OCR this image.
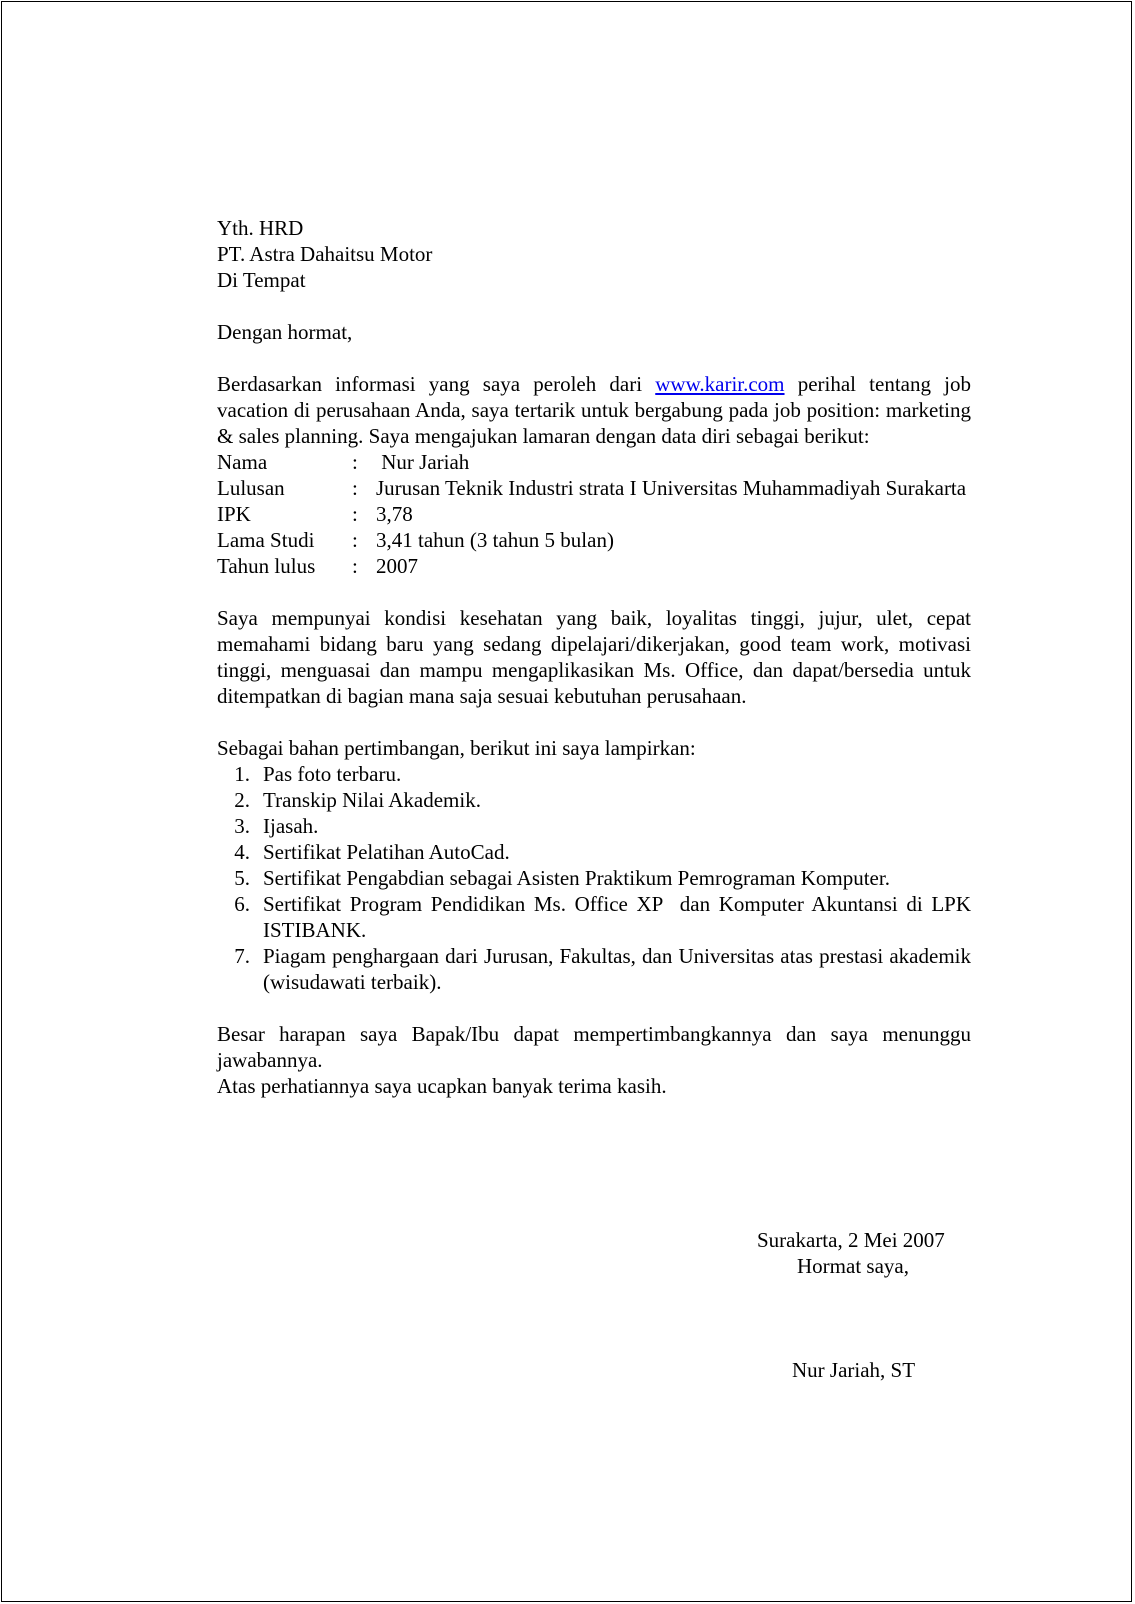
Yth. HRD

PT. Astra Dahaitsu Motor

Di Tempat

Dengan hormat,

Berdasarkan informasi yang saya peroleh dari www.karir.com perihal tentang job vacation di perusahaan Anda, saya tertarik untuk bergabung pada job position: marketing & sales planning. Saya mengajukan lamaran dengan data diri sebagai berikut:

Nama	: Nur Jariah
Lulusan	: Jurusan Teknik Industri strata I Universitas Muhammadiyah Surakarta
IPK	: 3,78
Lama Studi	: 3,41 tahun (3 tahun 5 bulan)
Tahun lulus	: 2007

Saya mempunyai kondisi kesehatan yang baik, loyalitas tinggi, jujur, ulet, cepat memahami bidang baru yang sedang dipelajari/dikerjakan, good team work, motivasi tinggi, menguasai dan mampu mengaplikasikan Ms. Office, dan dapat/bersedia untuk ditempatkan di bagian mana saja sesuai kebutuhan perusahaan.

Sebagai bahan pertimbangan, berikut ini saya lampirkan:

1. Pas foto terbaru.
2. Transkip Nilai Akademik.
3. Ijasah.
4. Sertifikat Pelatihan AutoCad.
5. Sertifikat Pengabdian sebagai Asisten Praktikum Pemrograman Komputer.
6. Sertifikat Program Pendidikan Ms. Office XP  dan Komputer Akuntansi di LPK ISTIBANK.
7. Piagam penghargaan dari Jurusan, Fakultas, dan Universitas atas prestasi akademik (wisudawati terbaik).

Besar harapan saya Bapak/Ibu dapat mempertimbangkannya dan saya menunggu jawabannya.

Atas perhatiannya saya ucapkan banyak terima kasih.

Surakarta, 2 Mei 2007
Hormat saya,
Nur Jariah, ST
